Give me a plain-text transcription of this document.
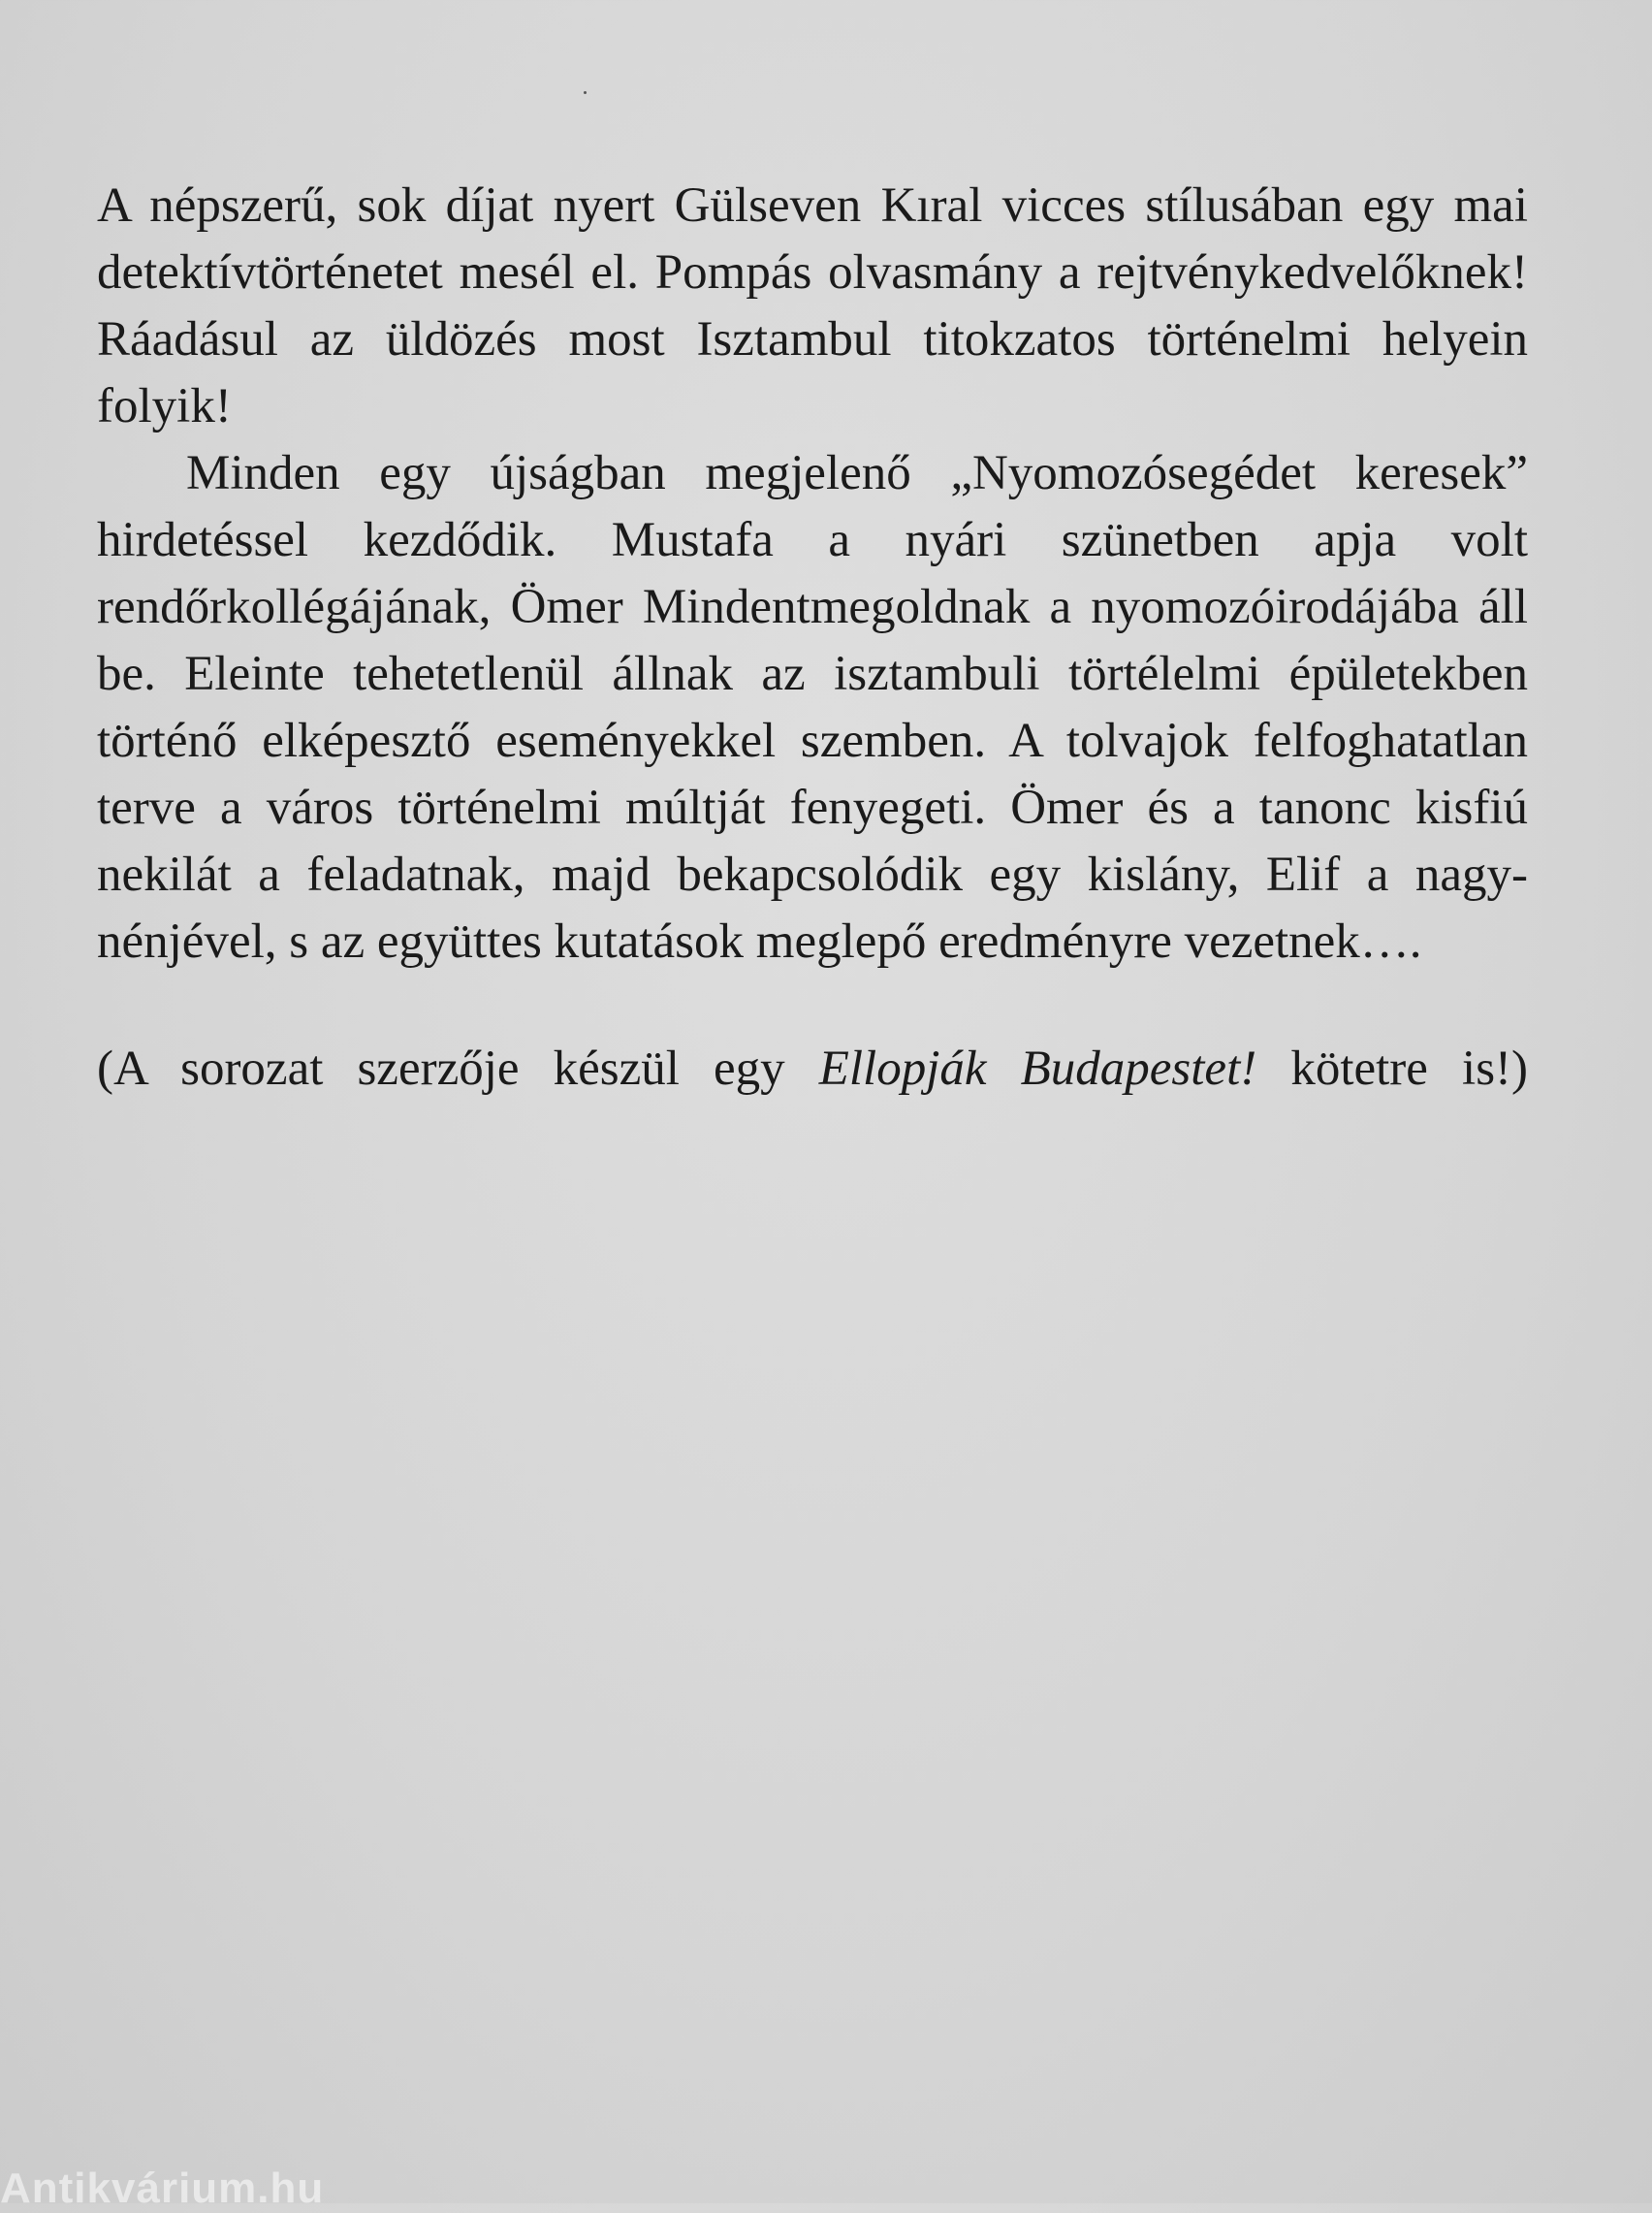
A népszerű, sok díjat nyert Gülseven Kıral vicces stílusában egy mai detektívtörténetet mesél el. Pompás olvasmány a rejtvénykedvelőknek! Ráadásul az üldözés most Isztambul titokzatos történelmi helyein folyik!

Minden egy újságban megjelenő „Nyomozósegédet keresek” hirdetéssel kezdődik. Mustafa a nyári szünetben apja volt rendőrkollégájának, Ömer Mindentmegoldnak a nyomozóirodájába áll be. Eleinte tehetetlenül állnak az isztambuli törtélelmi épületekben történő elképesztő eseményekkel szemben. A tolvajok felfoghatatlan terve a város történelmi múltját fenyegeti. Ömer és a tanonc kisfiú nekilát a feladatnak, majd bekapcsolódik egy kislány, Elif a nagynénjével, s az együttes kutatások meglepő eredményre vezetnek….

(A sorozat szerzője készül egy Ellopják Budapestet! kötetre is!)

Antikvárium.hu
